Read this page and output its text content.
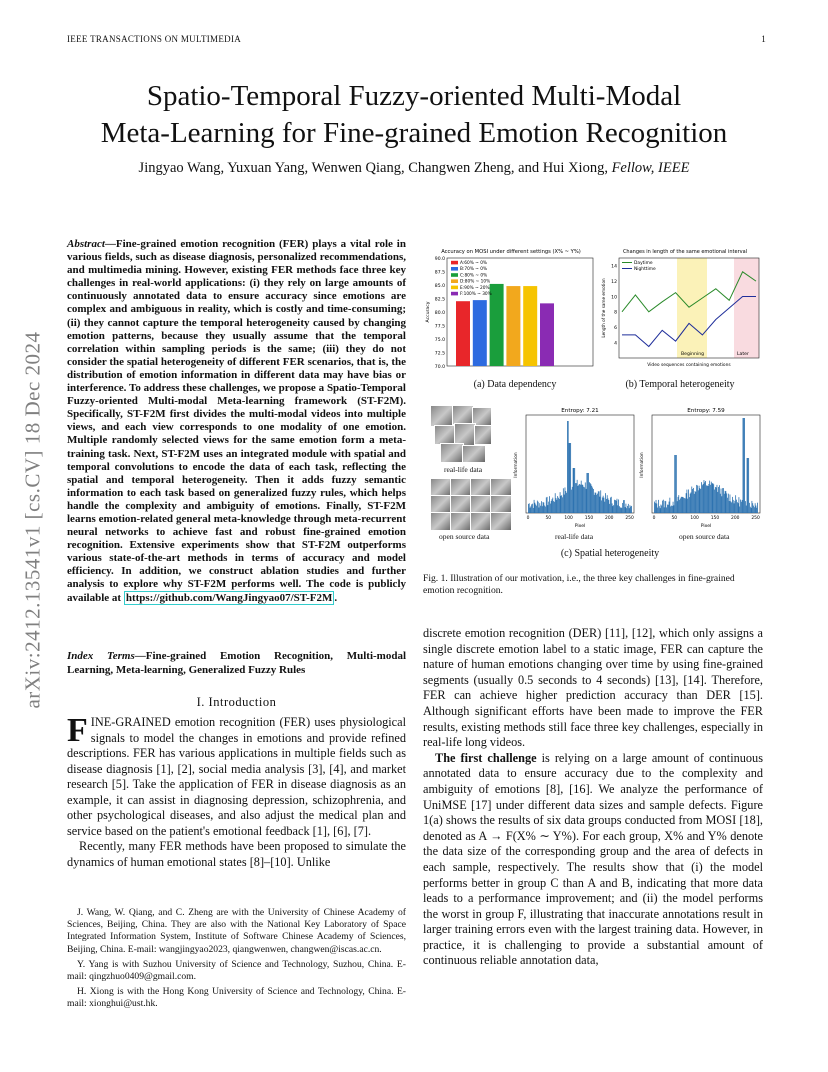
IEEE TRANSACTIONS ON MULTIMEDIA	1
arXiv:2412.13541v1 [cs.CV] 18 Dec 2024
Spatio-Temporal Fuzzy-oriented Multi-Modal
Meta-Learning for Fine-grained Emotion Recognition
Jingyao Wang, Yuxuan Yang, Wenwen Qiang, Changwen Zheng, and Hui Xiong, Fellow, IEEE
Abstract—Fine-grained emotion recognition (FER) plays a vital role in various fields, such as disease diagnosis, personalized recommendations, and multimedia mining. However, existing FER methods face three key challenges in real-world applications: (i) they rely on large amounts of continuously annotated data to ensure accuracy since emotions are complex and ambiguous in reality, which is costly and time-consuming; (ii) they cannot capture the temporal heterogeneity caused by changing emotion patterns, because they usually assume that the temporal correlation within sampling periods is the same; (iii) they do not consider the spatial heterogeneity of different FER scenarios, that is, the distribution of emotion information in different data may have bias or interference. To address these challenges, we propose a Spatio-Temporal Fuzzy-oriented Multi-modal Meta-learning framework (ST-F2M). Specifically, ST-F2M first divides the multi-modal videos into multiple views, and each view corresponds to one modality of one emotion. Multiple randomly selected views for the same emotion form a meta-training task. Next, ST-F2M uses an integrated module with spatial and temporal convolutions to encode the data of each task, reflecting the spatial and temporal heterogeneity. Then it adds fuzzy semantic information to each task based on generalized fuzzy rules, which helps handle the complexity and ambiguity of emotions. Finally, ST-F2M learns emotion-related general meta-knowledge through meta-recurrent neural networks to achieve fast and robust fine-grained emotion recognition. Extensive experiments show that ST-F2M outperforms various state-of-the-art methods in terms of accuracy and model efficiency. In addition, we construct ablation studies and further analysis to explore why ST-F2M performs well. The code is publicly available at https://github.com/WangJingyao07/ST-F2M .
Index Terms—Fine-grained Emotion Recognition, Multi-modal Learning, Meta-learning, Generalized Fuzzy Rules
I. Introduction
F INE-GRAINED emotion recognition (FER) uses physiological signals to model the changes in emotions and provide refined descriptions. FER has various applications in multiple fields such as disease diagnosis [1], [2], social media analysis [3], [4], and market research [5]. Take the application of FER in disease diagnosis as an example, it can assist in diagnosing depression, schizophrenia, and other psychological diseases, and also adjust the medical plan and service based on the patient's emotional feedback [1], [6], [7].
Recently, many FER methods have been proposed to simulate the dynamics of human emotional states [8]–[10]. Unlike

J. Wang, W. Qiang, and C. Zheng are with the University of Chinese Academy of Sciences, Beijing, China. They are also with the National Key Laboratory of Space Integrated Information System, Institute of Software Chinese Academy of Sciences, Beijing, China. E-mail: wangjingyao2023, qiangwenwen, changwen@iscas.ac.cn.

Y. Yang is with Suzhou University of Science and Technology, Suzhou, China. E-mail: qingzhuo0409@gmail.com.

H. Xiong is with the Hong Kong University of Science and Technology, China. E-mail: xionghui@ust.hk.

Accuracy on MOSI under different settings (X% ~ Y%)
90.0
87.5
85.0
82.5
80.0
77.5
75.0
72.5
70.0
Accuracy
A:60% ~ 0%
B:70% ~ 0%
C:80% ~ 0%
D:80% ~ 10%
E:90% ~ 20%
F:100% ~ 30%
(a) Data dependency
Changes in length of the same emotional interval
14
12
10
8
6
4
Length of the same emotion
Video sequences containing emotions
Daytime
Nighttime
Beginning	Later
(b) Temporal heterogeneity
real-life data
open source data
Entropy: 7.21
Information
Pixel
0	50	100	150	200	250
Entropy: 7.59
Information
Pixel
0	50	100	150	200	250
real-life data	open source data
(c) Spatial heterogeneity
Fig. 1. Illustration of our motivation, i.e., the three key challenges in fine-grained emotion recognition.

discrete emotion recognition (DER) [11], [12], which only assigns a single discrete emotion label to a static image, FER can capture the nature of human emotions changing over time by using fine-grained segments (usually 0.5 seconds to 4 seconds) [13], [14]. Therefore, FER can achieve higher prediction accuracy than DER [15]. Although significant efforts have been made to improve the FER results, existing methods still face three key challenges, especially in real-life long videos.

The first challenge is relying on a large amount of continuous annotated data to ensure accuracy due to the complexity and ambiguity of emotions [8], [16]. We analyze the performance of UniMSE [17] under different data sizes and sample defects. Figure 1(a) shows the results of six data groups conducted from MOSI [18], denoted as A → F(X% ∼ Y%). For each group, X% and Y% denote the data size of the corresponding group and the area of defects in each sample, respectively. The results show that (i) the model performs better in group C than A and B, indicating that more data leads to a performance improvement; and (ii) the model performs the worst in group F, illustrating that inaccurate annotations result in larger training errors even with the largest training data. However, in practice, it is challenging to provide a substantial amount of continuous reliable annotation data,
